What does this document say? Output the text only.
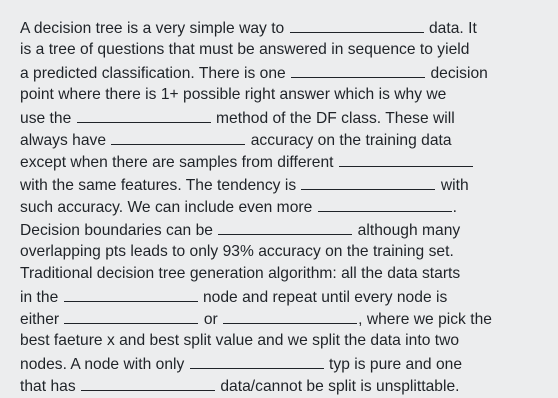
A decision tree is a very simple way to	data. It
is a tree of questions that must be answered in sequence to yield
a predicted classification. There is one	decision
point where there is 1+ possible right answer which is why we
use the	method of the DF class. These will
always have	accuracy on the training data
except when there are samples from different
with the same features. The tendency is	with
such accuracy. We can include even more	.
Decision boundaries can be	although many
overlapping pts leads to only 93% accuracy on the training set.
Traditional decision tree generation algorithm: all the data starts
in the	node and repeat until every node is
either	or	, where we pick the
best faeture x and best split value and we split the data into two
nodes. A node with only	typ is pure and one
that has	data/cannot be split is unsplittable.
